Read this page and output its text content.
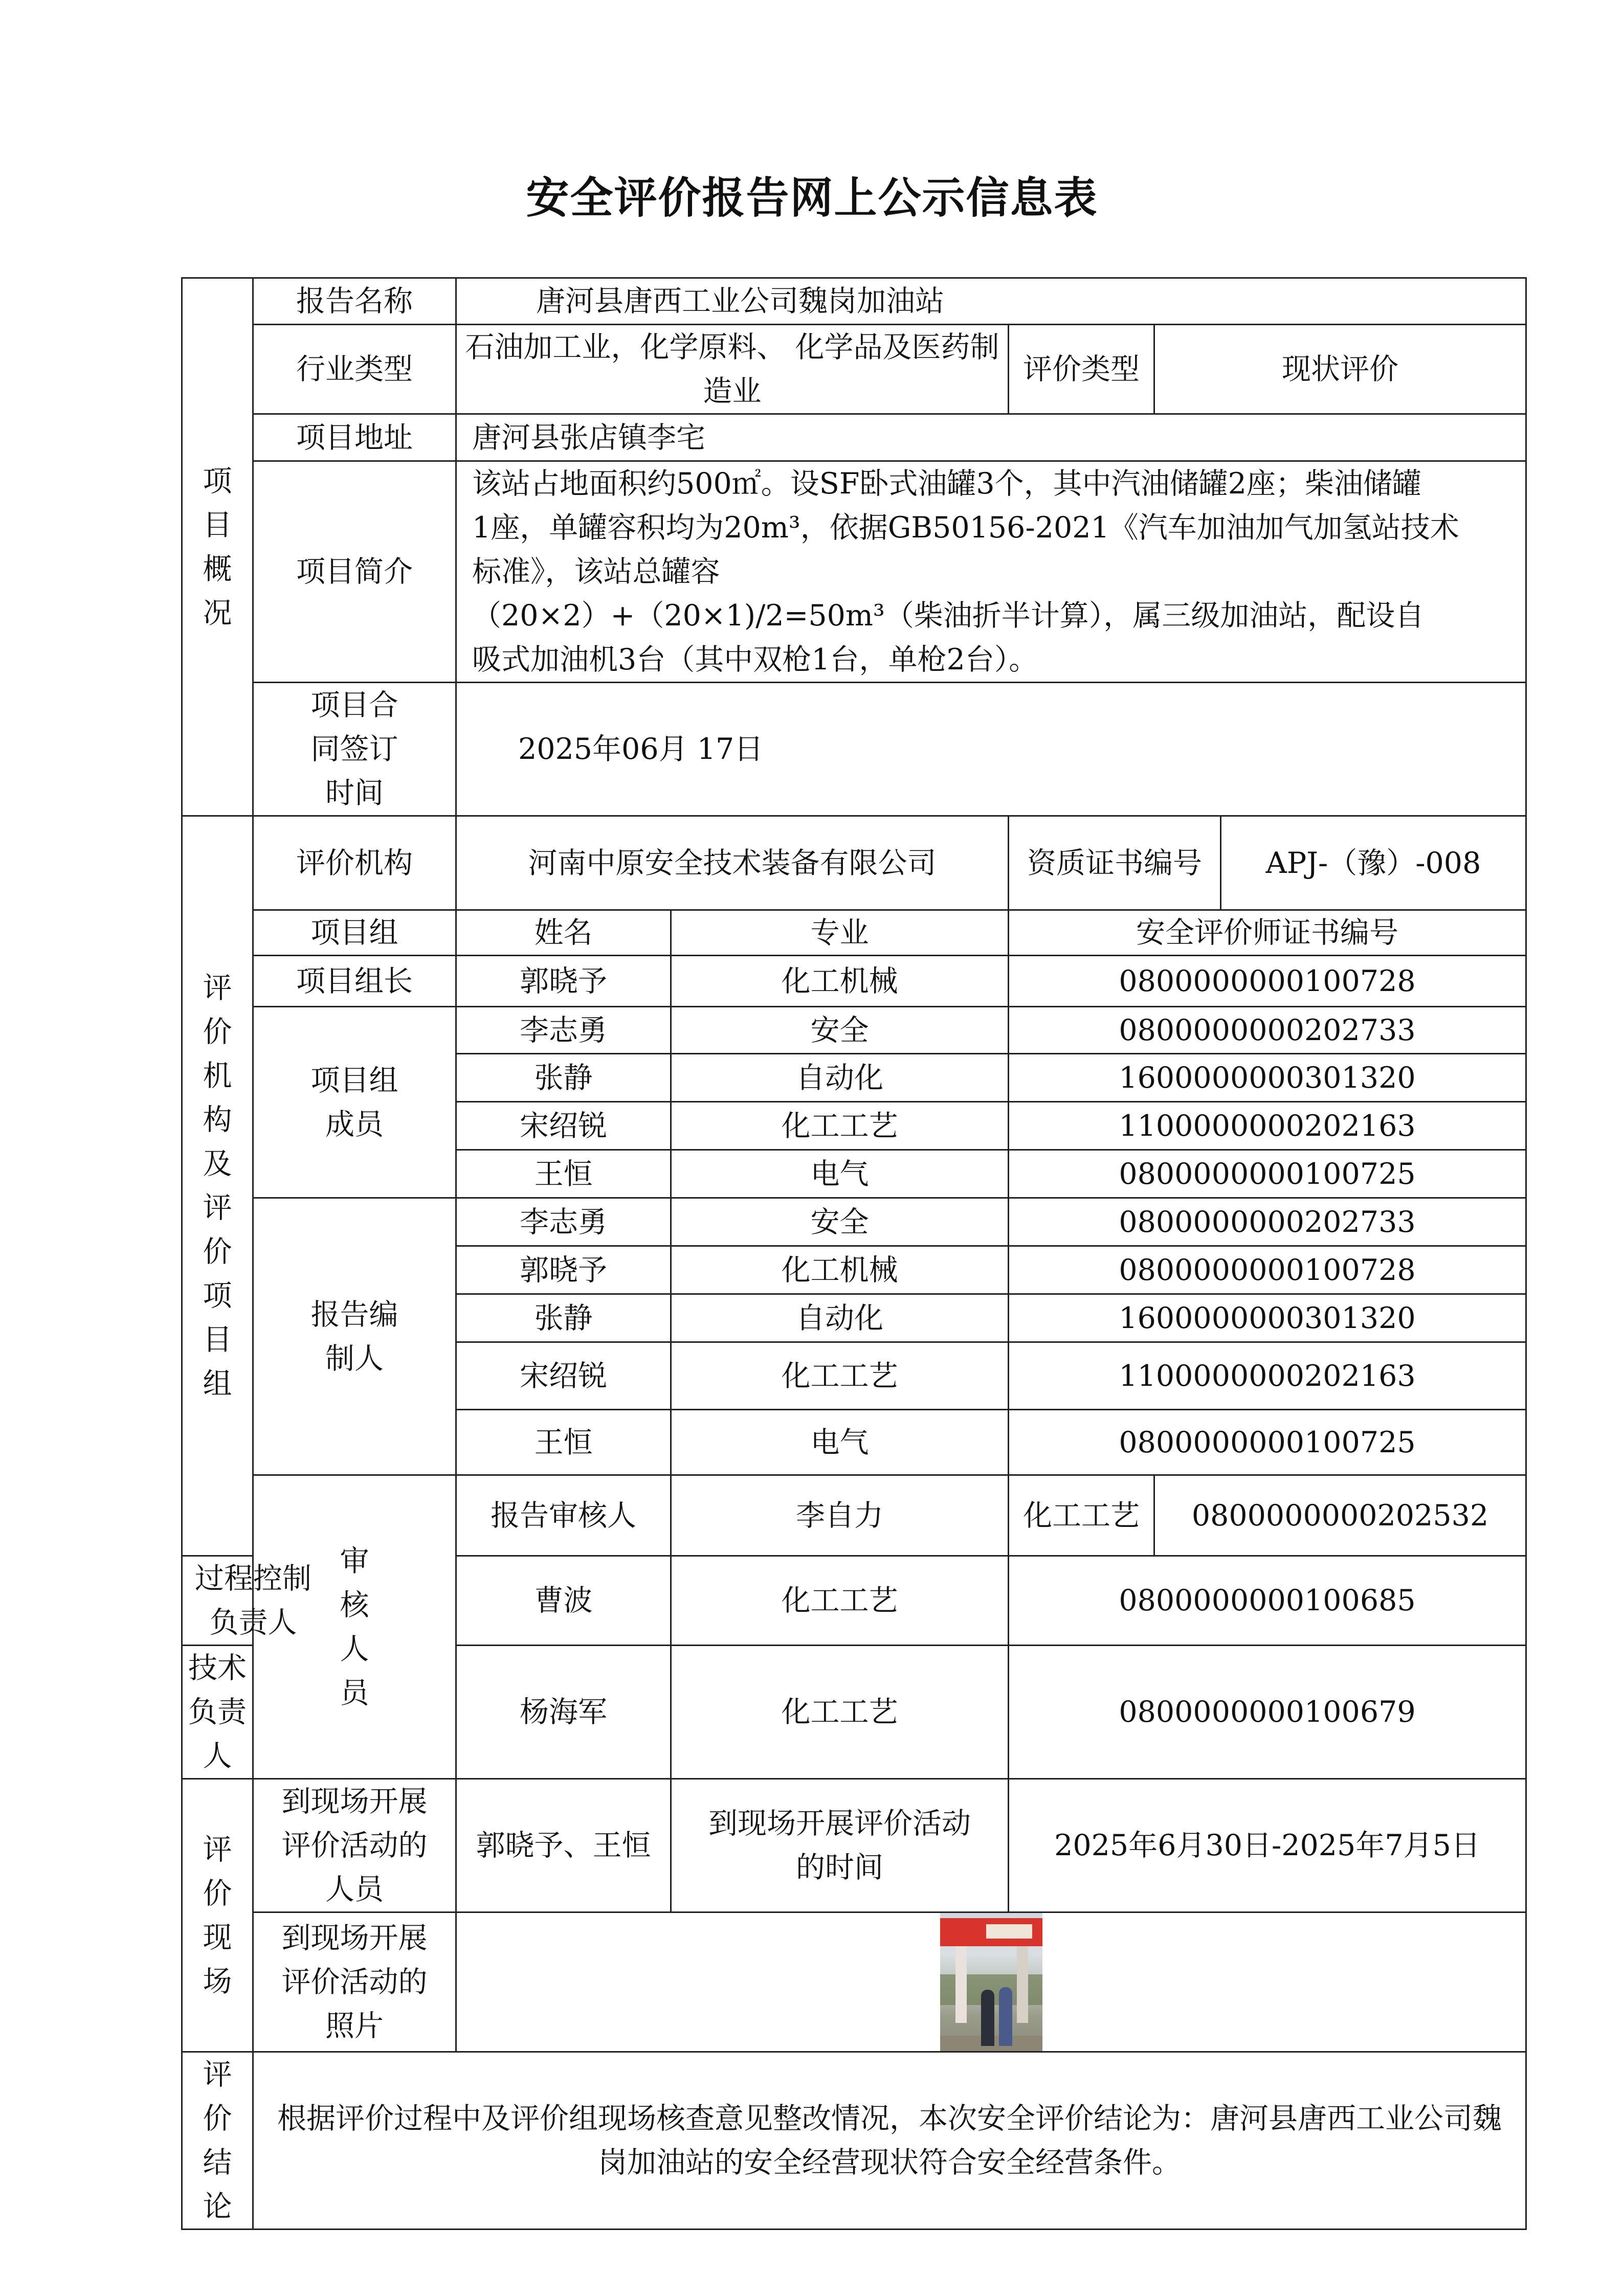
安全评价报告网上公示信息表
项目概况	报告名称	唐河县唐西工业公司魏岗加油站				
	行业类型	石油加工业，化学原料、 化学品及医药制造业		评价类型	现状评价	
	项目地址	唐河县张店镇李宅				
	项目简介	该站占地面积约500㎡。设SF卧式油罐3个，其中汽油储罐2座；柴油储罐
1座，单罐容积均为20m³，依据GB50156-2021《汽车加油加气加氢站技术
标准》，该站总罐容
（20×2）+（20×1)/2=50m³（柴油折半计算），属三级加油站，配设自
吸式加油机3台（其中双枪1台，单枪2台）。				

	项目合同签订时间	2025年06月 17日				
评价机构及评价项目组	评价机构	河南中原安全技术装备有限公司		资质证书编号		APJ-（豫）-008
	项目组	姓名	专业	安全评价师证书编号		
	项目组长	郭晓予	化工机械	0800000000100728		
	项目组成员	李志勇	安全	0800000000202733		
		张静	自动化	1600000000301320		
		宋绍锐	化工工艺	1100000000202163		
		王恒	电气	0800000000100725		
	报告编制人	李志勇	安全	0800000000202733		
		郭晓予	化工机械	0800000000100728		
		张静	自动化	1600000000301320		
		宋绍锐	化工工艺	1100000000202163		
		王恒	电气	0800000000100725		
	审核人员	报告审核人	李自力	化工工艺	0800000000202532	
过程控制负责人		曹波	化工工艺	0800000000100685		
技术负责人		杨海军	化工工艺	0800000000100679		
评价现场	到现场开展评价活动的人员	郭晓予、王恒	到现场开展评价活动的时间	2025年6月30日-2025年7月5日		
	到现场开展评价活动的照片					

评价结论	根据评价过程中及评价组现场核查意见整改情况，本次安全评价结论为：唐河县唐西工业公司魏岗加油站的安全经营现状符合安全经营条件。					
